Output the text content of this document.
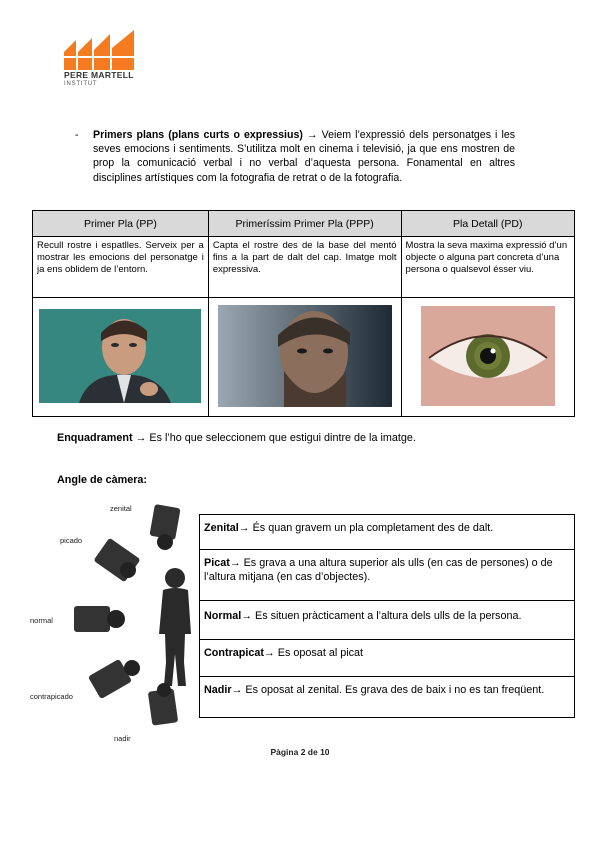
PERE MARTELL
INSTITUT
- Primers plans (plans curts o expressius) → Veiem l’expressió dels personatges i les seves emocions i sentiments. S’utilitza molt en cinema i televisió, ja que ens mostren de prop la comunicació verbal i no verbal d’aquesta persona. Fonamental en altres disciplines artístiques com la fotografia de retrat o de la fotografia.
Primer Pla (PP)	Primeríssim Primer Pla (PPP)	Pla Detall (PD)
Recull rostre i espatlles. Serveix per a mostrar les emocions del personatge i ja ens oblidem de l’entorn.	Capta el rostre des de la base del mentó fins a la part de dalt del cap. Imatge molt expressiva.	Mostra la seva maxima expressió d’un objecte o alguna part concreta d’una persona o qualsevol ésser viu.

Enquadrament → Es l’ho que seleccionem que estigui dintre de la imatge.
Angle de càmera:
zenital
picado
normal
contrapicado
nadir
Zenital→ És quan gravem un pla completament des de dalt.
Picat→ Es grava a una altura superior als ulls (en cas de persones) o de l’altura mitjana (en cas d’objectes).
Normal→ Es situen pràcticament a l’altura dels ulls de la persona.
Contrapicat→ Es oposat al picat
Nadir→ Es oposat al zenital. Es grava des de baix i no es tan freqüent.
Pàgina 2 de 10
